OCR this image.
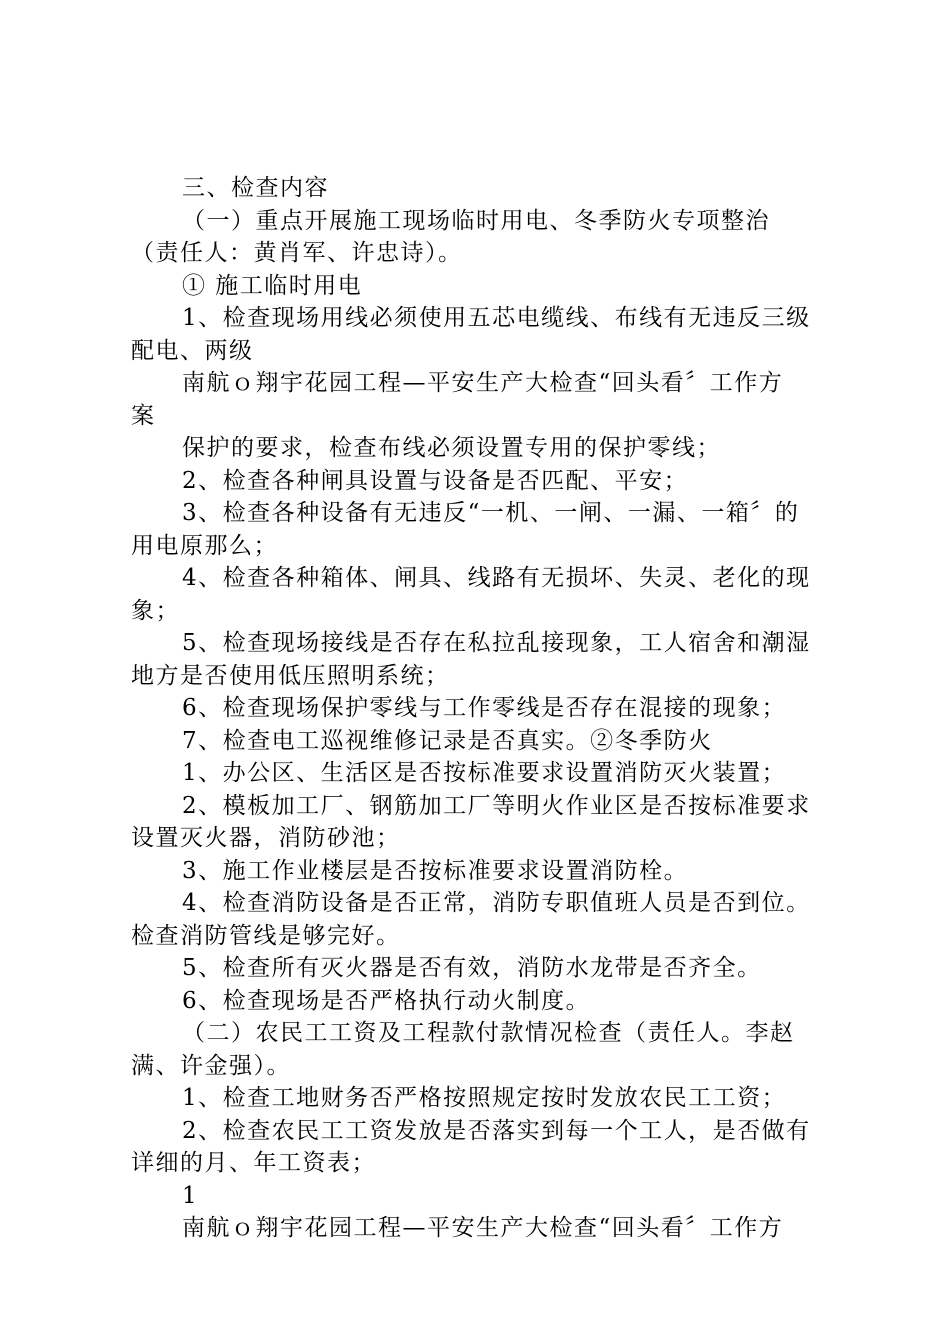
三、检查内容
（一）重点开展施工现场临时用电、冬季防火专项整治
（责任人：黄肖军、许忠诗）。
① 施工临时用电
1、检查现场用线必须使用五芯电缆线、布线有无违反三级
配电、两级
南航ｏ翔宇花园工程—平安生产大检查“回头看〞工作方
案
保护的要求，检查布线必须设置专用的保护零线；
2、检查各种闸具设置与设备是否匹配、平安；
3、检查各种设备有无违反“一机、一闸、一漏、一箱〞的
用电原那么；
4、检查各种箱体、闸具、线路有无损坏、失灵、老化的现
象；
5、检查现场接线是否存在私拉乱接现象，工人宿舍和潮湿
地方是否使用低压照明系统；
6、检查现场保护零线与工作零线是否存在混接的现象；
7、检查电工巡视维修记录是否真实。②冬季防火
1、办公区、生活区是否按标准要求设置消防灭火装置；
2、模板加工厂、钢筋加工厂等明火作业区是否按标准要求
设置灭火器，消防砂池；
3、施工作业楼层是否按标准要求设置消防栓。
4、检查消防设备是否正常，消防专职值班人员是否到位。
检查消防管线是够完好。
5、检查所有灭火器是否有效，消防水龙带是否齐全。
6、检查现场是否严格执行动火制度。
（二）农民工工资及工程款付款情况检查（责任人。李赵
满、许金强）。
1、检查工地财务否严格按照规定按时发放农民工工资；
2、检查农民工工资发放是否落实到每一个工人，是否做有
详细的月、年工资表；
1
南航ｏ翔宇花园工程—平安生产大检查“回头看〞工作方
